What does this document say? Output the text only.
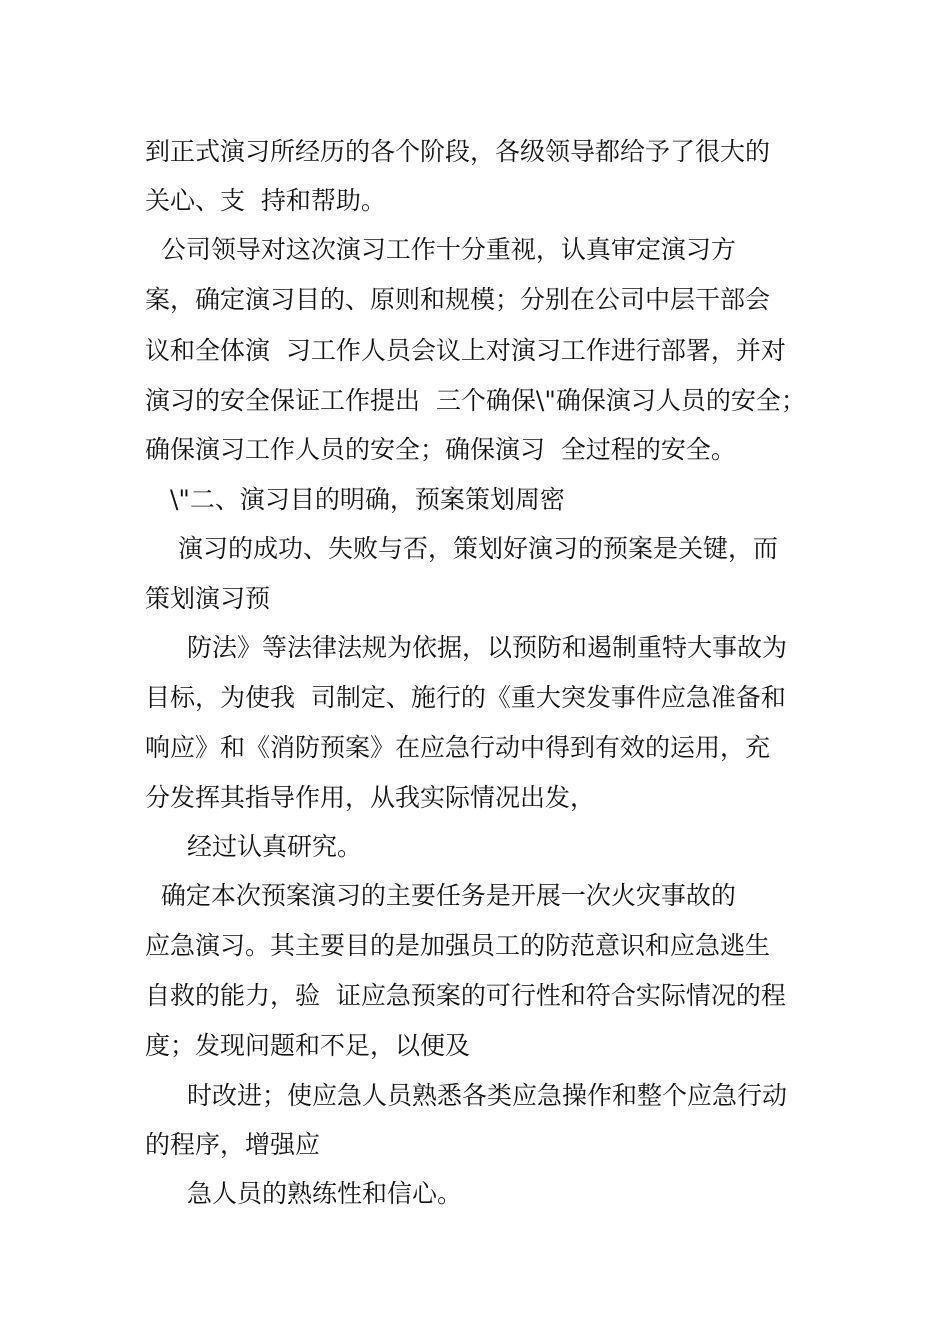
到正式演习所经历的各个阶段，各级领导都给予了很大的
关心、支  持和帮助。
公司领导对这次演习工作十分重视，认真审定演习方
案，确定演习目的、原则和规模；分别在公司中层干部会
议和全体演  习工作人员会议上对演习工作进行部署，并对
演习的安全保证工作提出  三个确保\"确保演习人员的安全；
确保演习工作人员的安全；确保演习  全过程的安全。
\"二、演习目的明确，预案策划周密
演习的成功、失败与否，策划好演习的预案是关键，而
策划演习预
防法》等法律法规为依据，以预防和遏制重特大事故为
目标，为使我  司制定、施行的《重大突发事件应急准备和
响应》和《消防预案》在应急行动中得到有效的运用，充
分发挥其指导作用，从我实际情况出发，
经过认真研究。
确定本次预案演习的主要任务是开展一次火灾事故的
应急演习。其主要目的是加强员工的防范意识和应急逃生
自救的能力，验  证应急预案的可行性和符合实际情况的程
度；发现问题和不足，以便及
时改进；使应急人员熟悉各类应急操作和整个应急行动
的程序，增强应
急人员的熟练性和信心。
